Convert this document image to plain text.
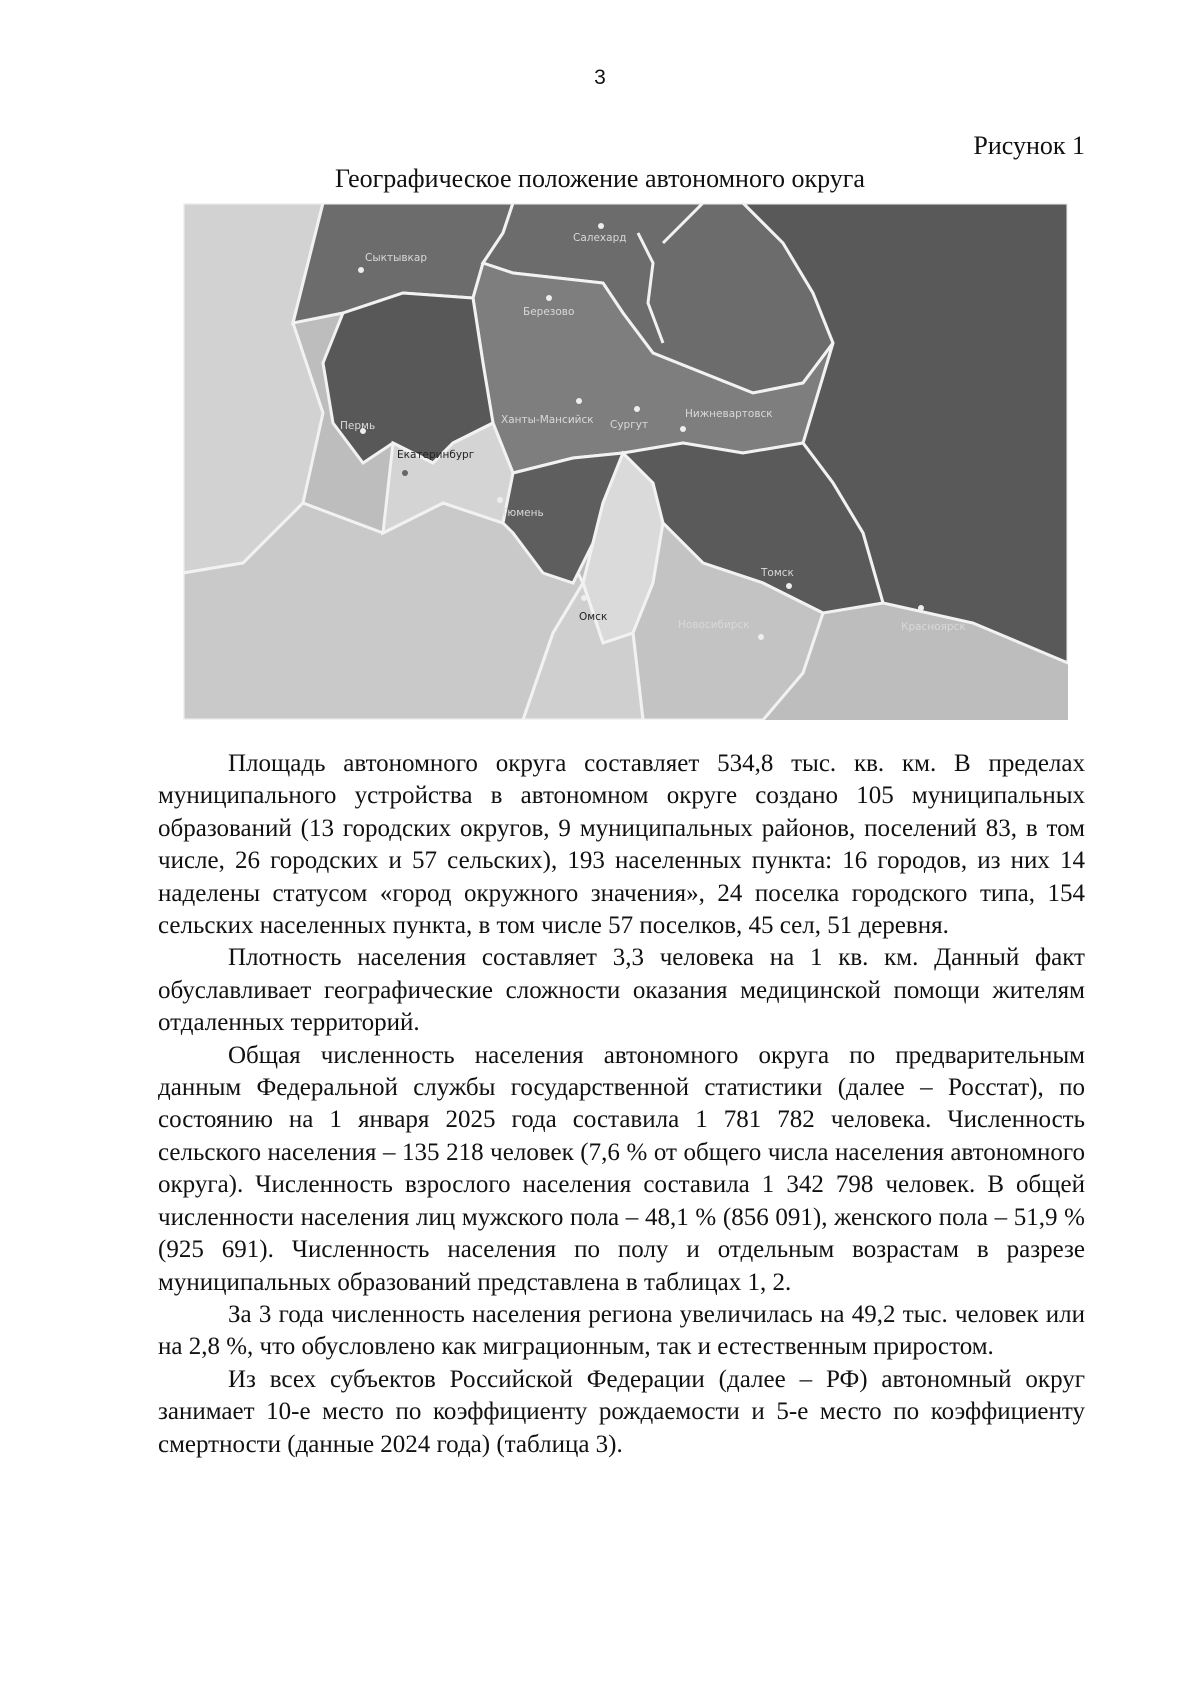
3
Рисунок 1
Географическое положение автономного округа
Салехард
Сыктывкар
Березово
Пермь	Ханты-Мансийск Сургут
Нижневартовск
Екатеринбург
Тюмень
Томск
Омск
Новосибирск	Красноярск

Площадь автономного округа составляет 534,8 тыс. кв. км. В пределах муниципального устройства в автономном округе создано 105 муниципальных образований (13 городских округов, 9 муниципальных районов, поселений 83, в том числе, 26 городских и 57 сельских), 193 населенных пункта: 16 городов, из них 14 наделены статусом «город окружного значения», 24 поселка городского типа, 154 сельских населенных пункта, в том числе 57 поселков, 45 сел, 51 деревня.

Плотность населения составляет 3,3 человека на 1 кв. км. Данный факт обуславливает географические сложности оказания медицинской помощи жителям отдаленных территорий.

Общая численность населения автономного округа по предварительным данным Федеральной службы государственной статистики (далее – Росстат), по состоянию на 1 января 2025 года составила 1 781 782 человека. Численность сельского населения – 135 218 человек (7,6 % от общего числа населения автономного округа). Численность взрослого населения составила 1 342 798 человек. В общей численности населения лиц мужского пола – 48,1 % (856 091), женского пола – 51,9 % (925 691). Численность населения по полу и отдельным возрастам в разрезе муниципальных образований представлена в таблицах 1, 2.

За 3 года численность населения региона увеличилась на 49,2 тыс. человек или на 2,8 %, что обусловлено как миграционным, так и естественным приростом.

Из всех субъектов Российской Федерации (далее – РФ) автономный округ занимает 10-е место по коэффициенту рождаемости и 5-е место по коэффициенту смертности (данные 2024 года) (таблица 3).
